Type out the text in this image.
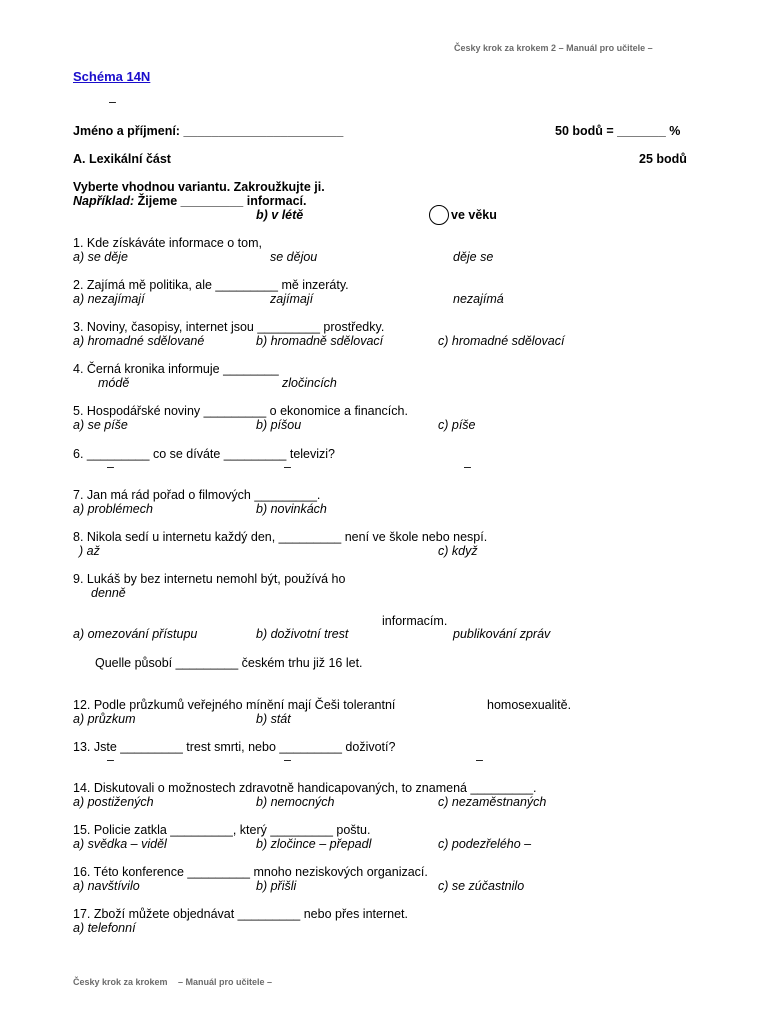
Česky krok za krokem 2 – Manuál pro učitele –
Schéma 14N
–
Jméno a příjmení: _______________________	50 bodů = _______ %
A. Lexikální část	25 bodů
Vyberte vhodnou variantu. Zakroužkujte ji.
Například: Žijeme _________ informací.
b) v létě	ve věku
1. Kde získáváte informace o tom,
a) se děje	se dějou	děje se
2. Zajímá mě politika, ale _________ mě inzeráty.
a) nezajímají	zajímají	nezajímá
3. Noviny, časopisy, internet jsou _________ prostředky.
a) hromadné sdělované	b) hromadně sdělovací	c) hromadné sdělovací
4. Černá kronika informuje ________
módě	zločincích
5. Hospodářské noviny _________ o ekonomice a financích.
a) se píše	b) píšou	c) píše
6. _________ co se díváte _________ televizi?
–	–	–
7. Jan má rád pořad o filmových _________.
a) problémech	b) novinkách
8. Nikola sedí u internetu každý den, _________ není ve škole nebo nespí.
) až	c) když
9. Lukáš by bez internetu nemohl být, používá ho
denně
informacím.
a) omezování přístupu	b) doživotní trest	publikování zpráv
Quelle působí _________ českém trhu již 16 let.
12. Podle průzkumů veřejného mínění mají Češi tolerantní	homosexualitě.
a) průzkum	b) stát
13. Jste _________ trest smrti, nebo _________ doživotí?
–	–	–
14. Diskutovali o možnostech zdravotně handicapovaných, to znamená _________.
a) postižených	b) nemocných	c) nezaměstnaných
15. Policie zatkla _________, který _________ poštu.
a) svědka – viděl	b) zločince – přepadl	c) podezřelého –
16. Této konference _________ mnoho neziskových organizací.
a) navštívilo	b) přišli	c) se zúčastnilo
17. Zboží můžete objednávat _________ nebo přes internet.
a) telefonní
Česky krok za krokem – Manuál pro učitele –
